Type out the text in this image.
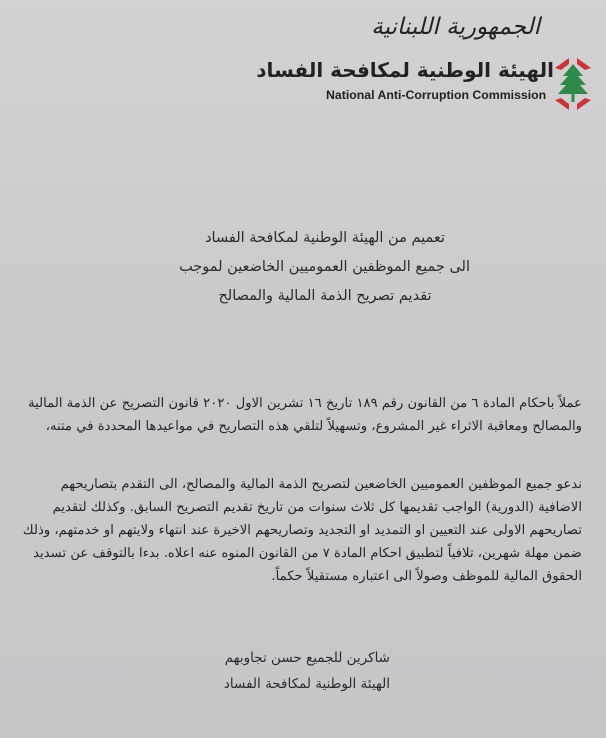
الجمهورية اللبنانية
الهيئة الوطنية لمكافحة الفساد
National Anti-Corruption Commission
تعميم من الهيئة الوطنية لمكافحة الفساد
الى جميع الموظفين العموميين الخاضعين لموجب
تقديم تصريح الذمة المالية والمصالح
عملاً باحكام المادة ٦ من القانون رقم ١٨٩ تاريخ ١٦ تشرين الاول ٢٠٢٠ قانون التصريح عن الذمة المالية والمصالح ومعاقبة الاثراء غير المشروع، وتسهيلاً لتلقي هذه التصاريح في مواعيدها المحددة في متنه،
ندعو جميع الموظفين العموميين الخاضعين لتصريح الذمة المالية والمصالح، الى التقدم بتصاريحهم الاضافية (الدورية) الواجب تقديمها كل ثلاث سنوات من تاريخ تقديم التصريح السابق. وكذلك لتقديم تصاريحهم الاولى عند التعيين او التمديد او التجديد وتصاريحهم الاخيرة عند انتهاء ولايتهم او خدمتهم، وذلك ضمن مهلة شهرين، تلافياً لتطبيق احكام المادة ٧ من القانون المنوه عنه اعلاه. بدءا بالتوقف عن تسديد الحقوق المالية للموظف وصولاً الى اعتباره مستقيلاً حكماً.
شاكرين للجميع حسن تجاوبهم
الهيئة الوطنية لمكافحة الفساد
